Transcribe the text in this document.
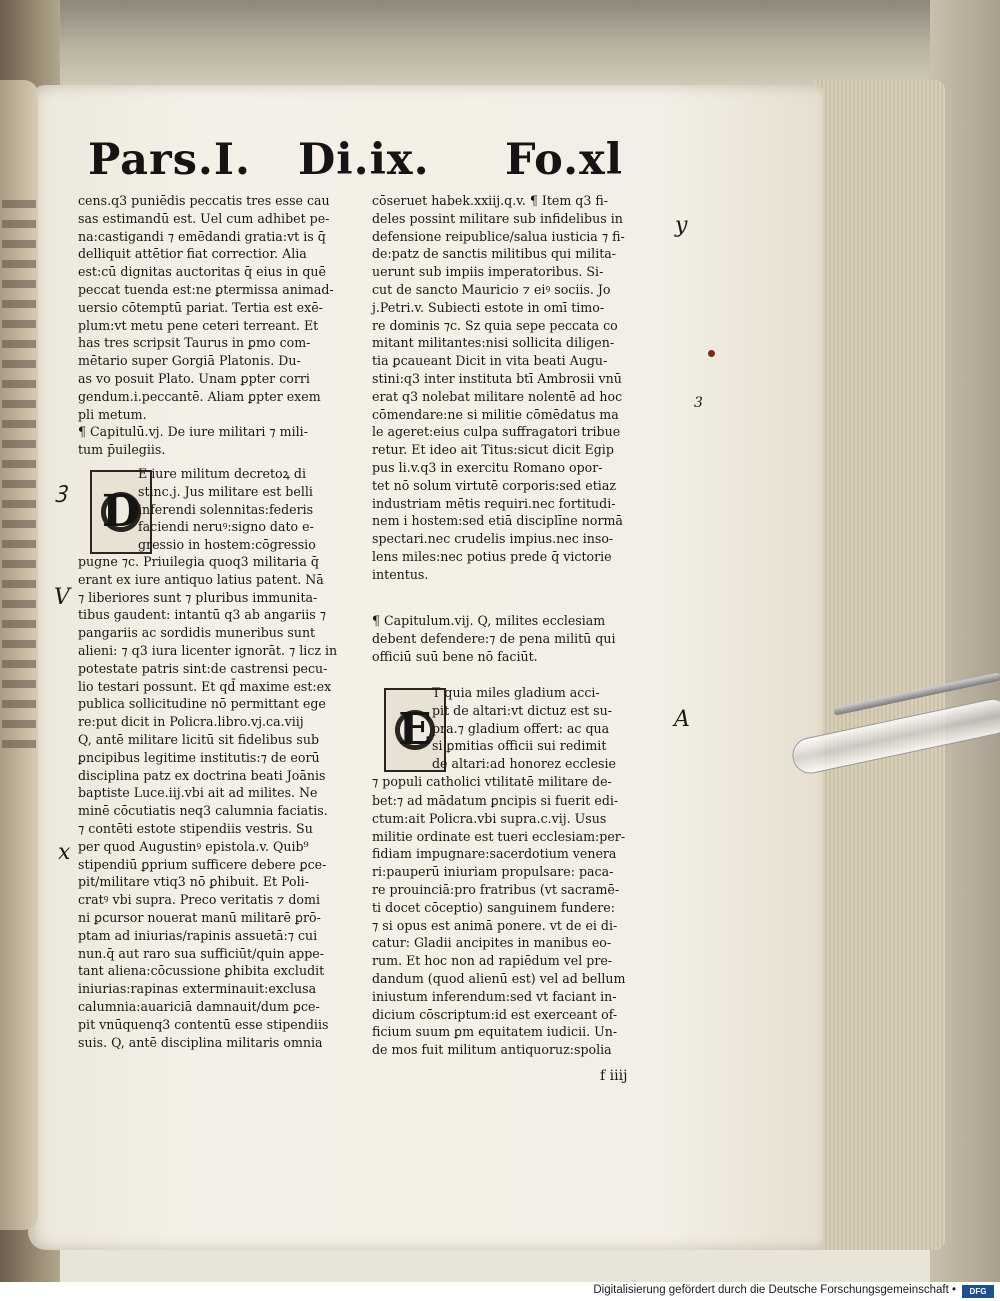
Pars.I. Di.ix. Fo.xl
cens.q3 puniēdis peccatis tres esse cau
sas estimandū est. Uel cum adhibet pe-
na:castigandi ⁊ emēdandi gratia:vt is q̄
delliquit attētior fiat correctior. Alia
est:cū dignitas auctoritas q̄ eius in quē
peccat tuenda est:ne ꝑtermissa animad-
uersio cōtemptū pariat. Tertia est exē-
plum:vt metu pene ceteri terreant. Et
has tres scripsit Taurus in ꝑmo com-
mētario super Gorgiā Platonis. Du-
as vo posuit Plato. Unam ꝑpter corri
gendum.i.peccantē. Aliam ꝑpter exem
pli metum.
¶ Capitulū.vj. De iure militari ⁊ mili-
tum p̄uilegiis.
D
E iure militum decretoꝝ di
stinc.j. Jus militare est belli
inferendi solennitas:federis
faciendi neruꝰ:signo dato e-
gressio in hostem:cōgressio
pugne ⁊c. Priuilegia quoq3 militaria q̄
erant ex iure antiquo latius patent. Nā
⁊ liberiores sunt ⁊ pluribus immunita-
tibus gaudent: intantū q3 ab angariis ⁊
pangariis ac sordidis muneribus sunt
alieni: ⁊ q3 iura licenter ignorāt. ⁊ licz in
potestate patris sint:de castrensi pecu-
lio testari possunt. Et qd̄ maxime est:ex
publica sollicitudine nō permittant ege
re:put dicit in Policra.libro.vj.ca.viij
Q, antē militare licitū sit fidelibus sub
ꝑncipibus legitime institutis:⁊ de eorū
disciplina patz ex doctrina beati Joānis
baptiste Luce.iij.vbi ait ad milites. Ne
minē cōcutiatis neq3 calumnia faciatis.
⁊ contēti estote stipendiis vestris. Su
per quod Augustinꝰ epistola.v. Quib⁹
stipendiū ꝑprium sufficere debere ꝑce-
pit/militare vtiq3 nō ꝑhibuit. Et Poli-
cratꝰ vbi supra. Preco veritatis ⁊ domi
ni ꝑcursor nouerat manū militarē ꝑrō-
ptam ad iniurias/rapinis assuetā:⁊ cui
nun.q̄ aut raro sua sufficiūt/quin appe-
tant aliena:cōcussione ꝑhibita excludit
iniurias:rapinas exterminauit:exclusa
calumnia:auariciā damnauit/dum ꝑce-
pit vnūquenq3 contentū esse stipendiis
suis. Q, antē disciplina militaris omnia
cōseruet habek.xxiij.q.v. ¶ Item q3 fi-
deles possint militare sub infidelibus in
defensione reipublice/salua iusticia ⁊ fi-
de:patz de sanctis militibus qui milita-
uerunt sub impiis imperatoribus. Si-
cut de sancto Mauricio ⁊ eiꝰ sociis. Jo
j.Petri.v. Subiecti estote in omī timo-
re dominis ⁊c. Sz quia sepe peccata co
mitant militantes:nisi sollicita diligen-
tia ꝑcaueant Dicit in vita beati Augu-
stini:q3 inter instituta btī Ambrosii vnū
erat q3 nolebat militare nolentē ad hoc
cōmendare:ne si militie cōmēdatus ma
le ageret:eius culpa suffragatori tribue
retur. Et ideo ait Titus:sicut dicit Egip
pus li.v.q3 in exercitu Romano opor-
tet nō solum virtutē corporis:sed etiaz
industriam mētis requiri.nec fortitudi-
nem i hostem:sed etiā disciplīne normā
spectari.nec crudelis impius.nec inso-
lens miles:nec potius prede q̄ victorie
intentus.
¶ Capitulum.vij. Q, milites ecclesiam
debent defendere:⁊ de pena militū qui
officiū suū bene nō faciūt.
E
T quia miles gladium acci-
pit de altari:vt dictuz est su-
pra.⁊ gladium offert: ac qua
si ꝑmitias officii sui redimit
de altari:ad honorez ecclesie
⁊ populi catholici vtilitatē militare de-
bet:⁊ ad mādatum ꝑncipis si fuerit edi-
ctum:ait Policra.vbi supra.c.vij. Usus
militie ordinate est tueri ecclesiam:per-
fidiam impugnare:sacerdotium venera
ri:pauperū iniuriam propulsare: paca-
re prouinciā:pro fratribus (vt sacramē-
ti docet cōceptio) sanguinem fundere:
⁊ si opus est animā ponere. vt de ei di-
catur: Gladii ancipites in manibus eo-
rum. Et hoc non ad rapiēdum vel pre-
dandum (quod alienū est) vel ad bellum
iniustum inferendum:sed vt faciant in-
dicium cōscriptum:id est exerceant of-
ficium suum ꝑm equitatem iudicii. Un-
de mos fuit militum antiquoruz:spolia
f iiij
y
ꝫ
V
A
x
3
Digitalisierung gefördert durch die Deutsche Forschungsgemeinschaft •	DFG
